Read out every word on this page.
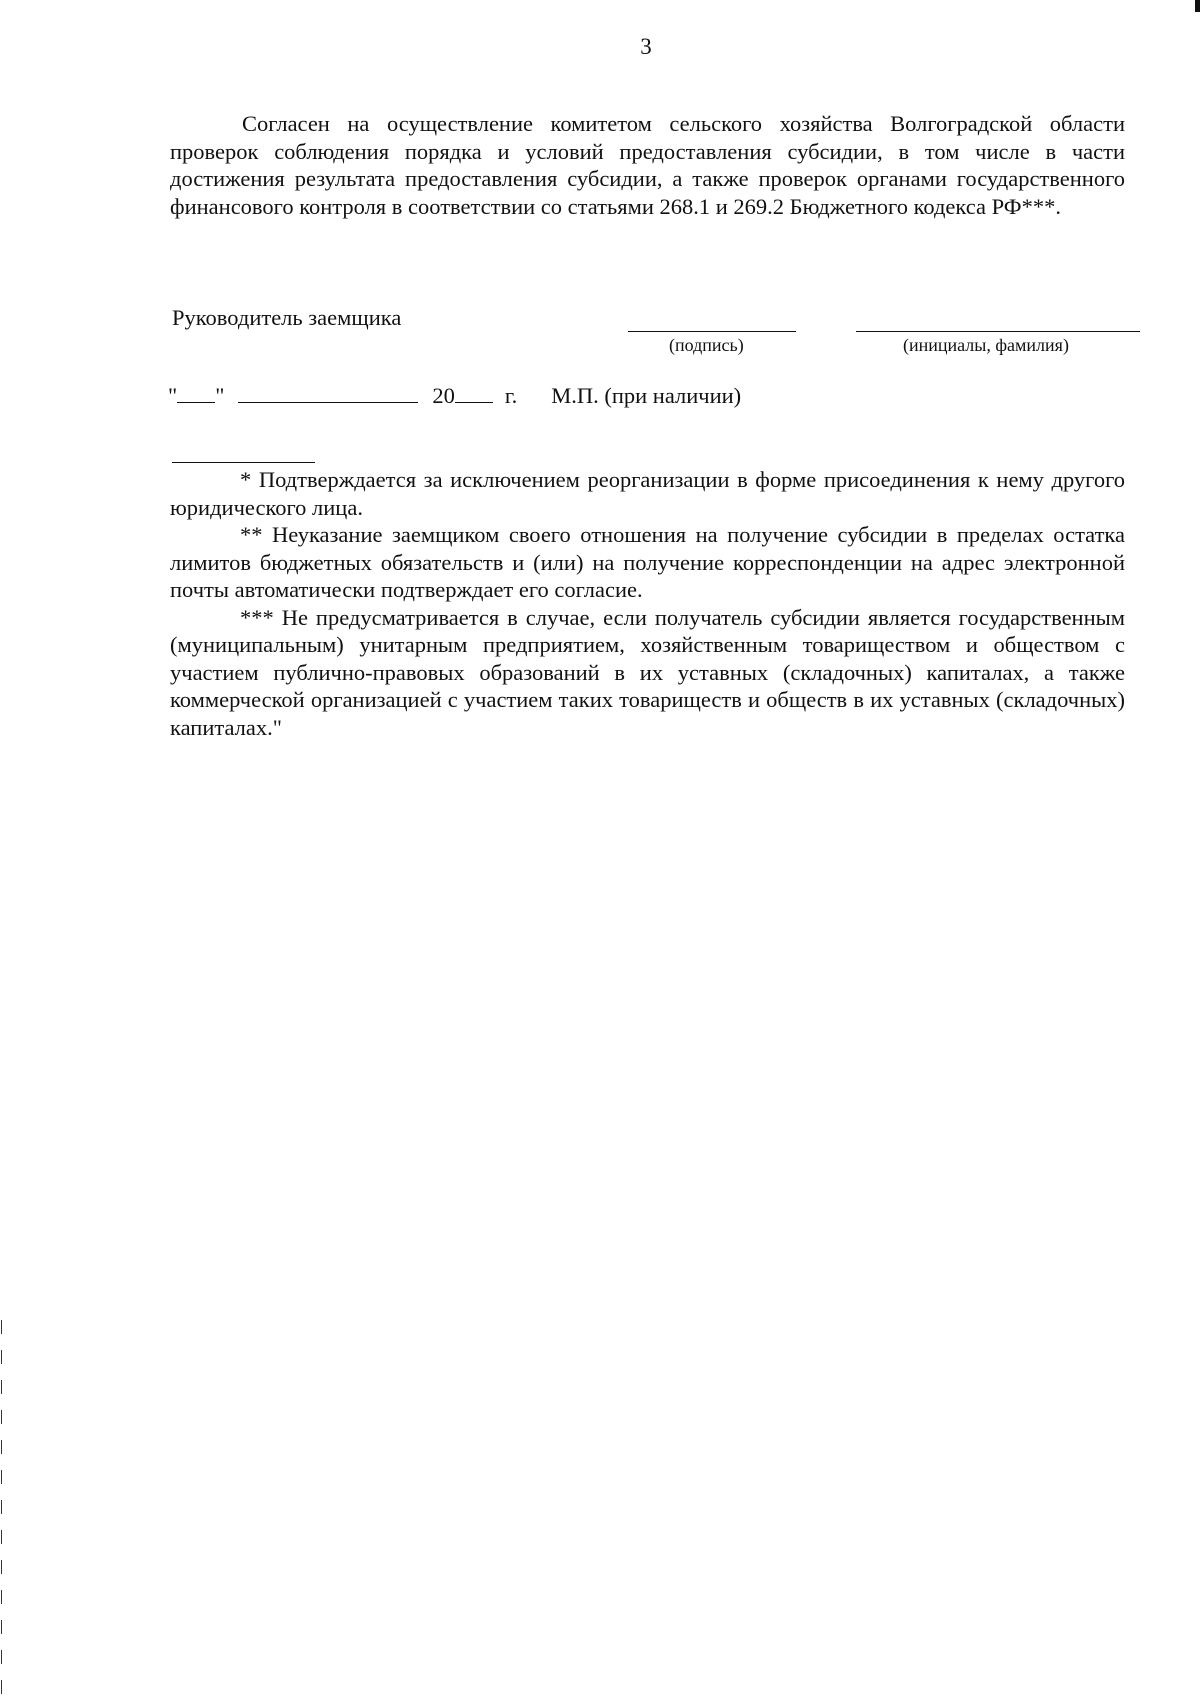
3

Согласен на осуществление комитетом сельского хозяйства Волгоградской области проверок соблюдения порядка и условий предоставления субсидии, в том числе в части достижения результата предоставления субсидии, а также проверок органами государственного финансового контроля в соответствии со статьями 268.1 и 269.2 Бюджетного кодекса РФ***.

Руководитель заемщика
(подпись)	(инициалы, фамилия)
" "	20 г. М.П. (при наличии)

* Подтверждается за исключением реорганизации в форме присоединения к нему другого юридического лица.

** Неуказание заемщиком своего отношения на получение субсидии в пределах остатка лимитов бюджетных обязательств и (или) на получение корреспонденции на адрес электронной почты автоматически подтверждает его согласие.

*** Не предусматривается в случае, если получатель субсидии является государственным (муниципальным) унитарным предприятием, хозяйственным товариществом и обществом с участием публично-правовых образований в их уставных (складочных) капиталах, а также коммерческой организацией с участием таких товариществ и обществ в их уставных (складочных) капиталах."
